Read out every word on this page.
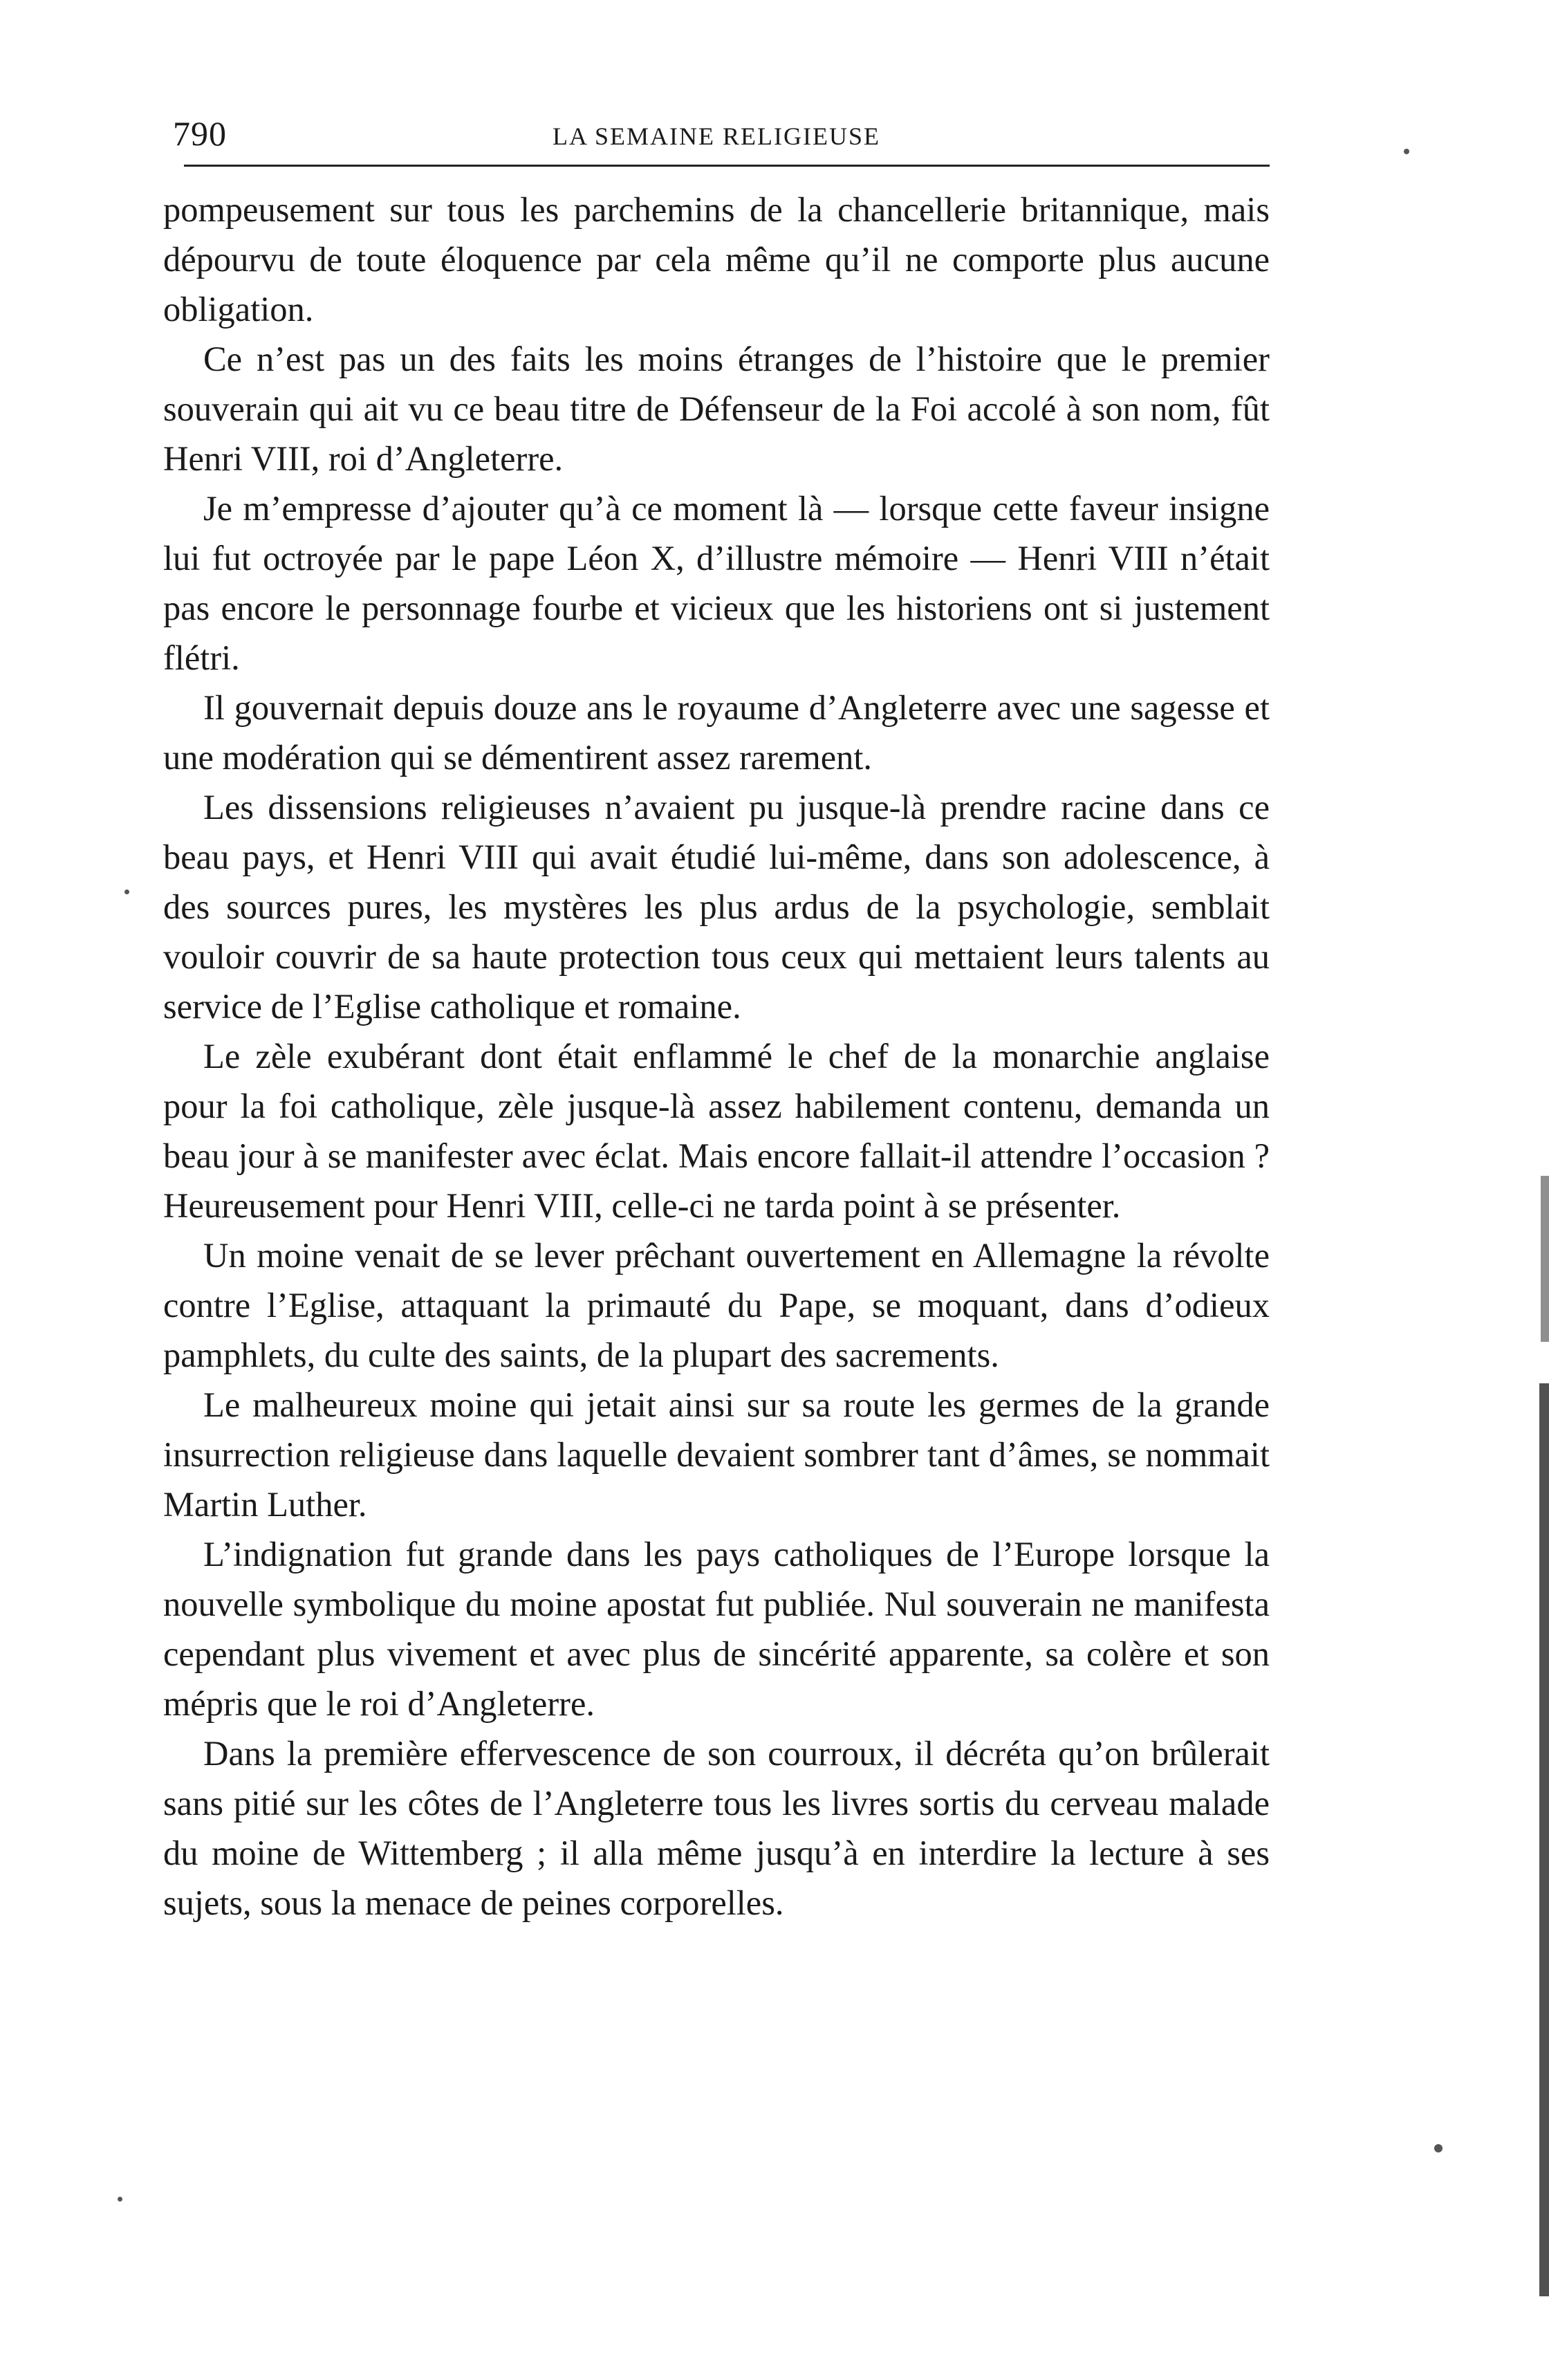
790	LA SEMAINE RELIGIEUSE

pompeusement sur tous les parchemins de la chancellerie britannique, mais dépourvu de toute éloquence par cela même qu’il ne comporte plus aucune obligation.

Ce n’est pas un des faits les moins étranges de l’histoire que le premier souverain qui ait vu ce beau titre de Défenseur de la Foi accolé à son nom, fût Henri VIII, roi d’Angleterre.

Je m’empresse d’ajouter qu’à ce moment là — lorsque cette faveur insigne lui fut octroyée par le pape Léon X, d’illustre mémoire — Henri VIII n’était pas encore le personnage fourbe et vicieux que les historiens ont si justement flétri.

Il gouvernait depuis douze ans le royaume d’Angleterre avec une sagesse et une modération qui se démentirent assez rarement.

Les dissensions religieuses n’avaient pu jusque-là prendre racine dans ce beau pays, et Henri VIII qui avait étudié lui-même, dans son adolescence, à des sources pures, les mystères les plus ardus de la psychologie, semblait vouloir couvrir de sa haute protection tous ceux qui mettaient leurs talents au service de l’Eglise catholique et romaine.

Le zèle exubérant dont était enflammé le chef de la monarchie anglaise pour la foi catholique, zèle jusque-là assez habilement contenu, demanda un beau jour à se manifester avec éclat. Mais encore fallait-il attendre l’occasion ? Heureusement pour Henri VIII, celle-ci ne tarda point à se présenter.

Un moine venait de se lever prêchant ouvertement en Allemagne la révolte contre l’Eglise, attaquant la primauté du Pape, se moquant, dans d’odieux pamphlets, du culte des saints, de la plupart des sacrements.

Le malheureux moine qui jetait ainsi sur sa route les germes de la grande insurrection religieuse dans laquelle devaient sombrer tant d’âmes, se nommait Martin Luther.

L’indignation fut grande dans les pays catholiques de l’Europe lorsque la nouvelle symbolique du moine apostat fut publiée. Nul souverain ne manifesta cependant plus vivement et avec plus de sincérité apparente, sa colère et son mépris que le roi d’Angleterre.

Dans la première effervescence de son courroux, il décréta qu’on brûlerait sans pitié sur les côtes de l’Angleterre tous les livres sortis du cerveau malade du moine de Wittemberg ; il alla même jusqu’à en interdire la lecture à ses sujets, sous la menace de peines corporelles.
